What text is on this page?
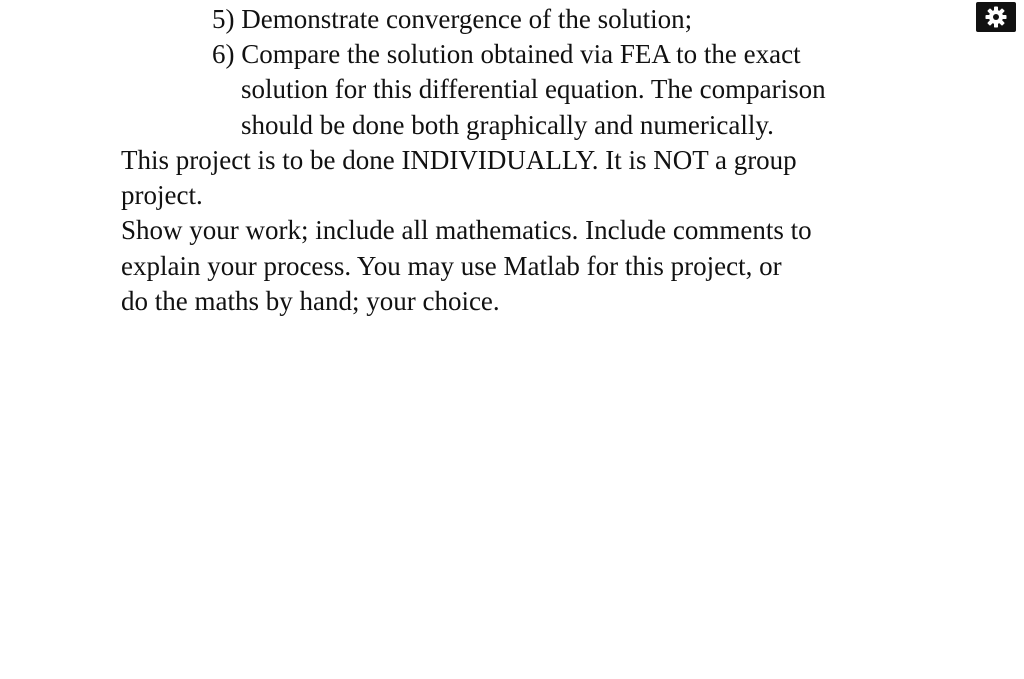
5) Demonstrate convergence of the solution;
6) Compare the solution obtained via FEA to the exact
solution for this differential equation. The comparison
should be done both graphically and numerically.
This project is to be done INDIVIDUALLY. It is NOT a group
project.
Show your work; include all mathematics. Include comments to
explain your process. You may use Matlab for this project, or
do the maths by hand; your choice.
